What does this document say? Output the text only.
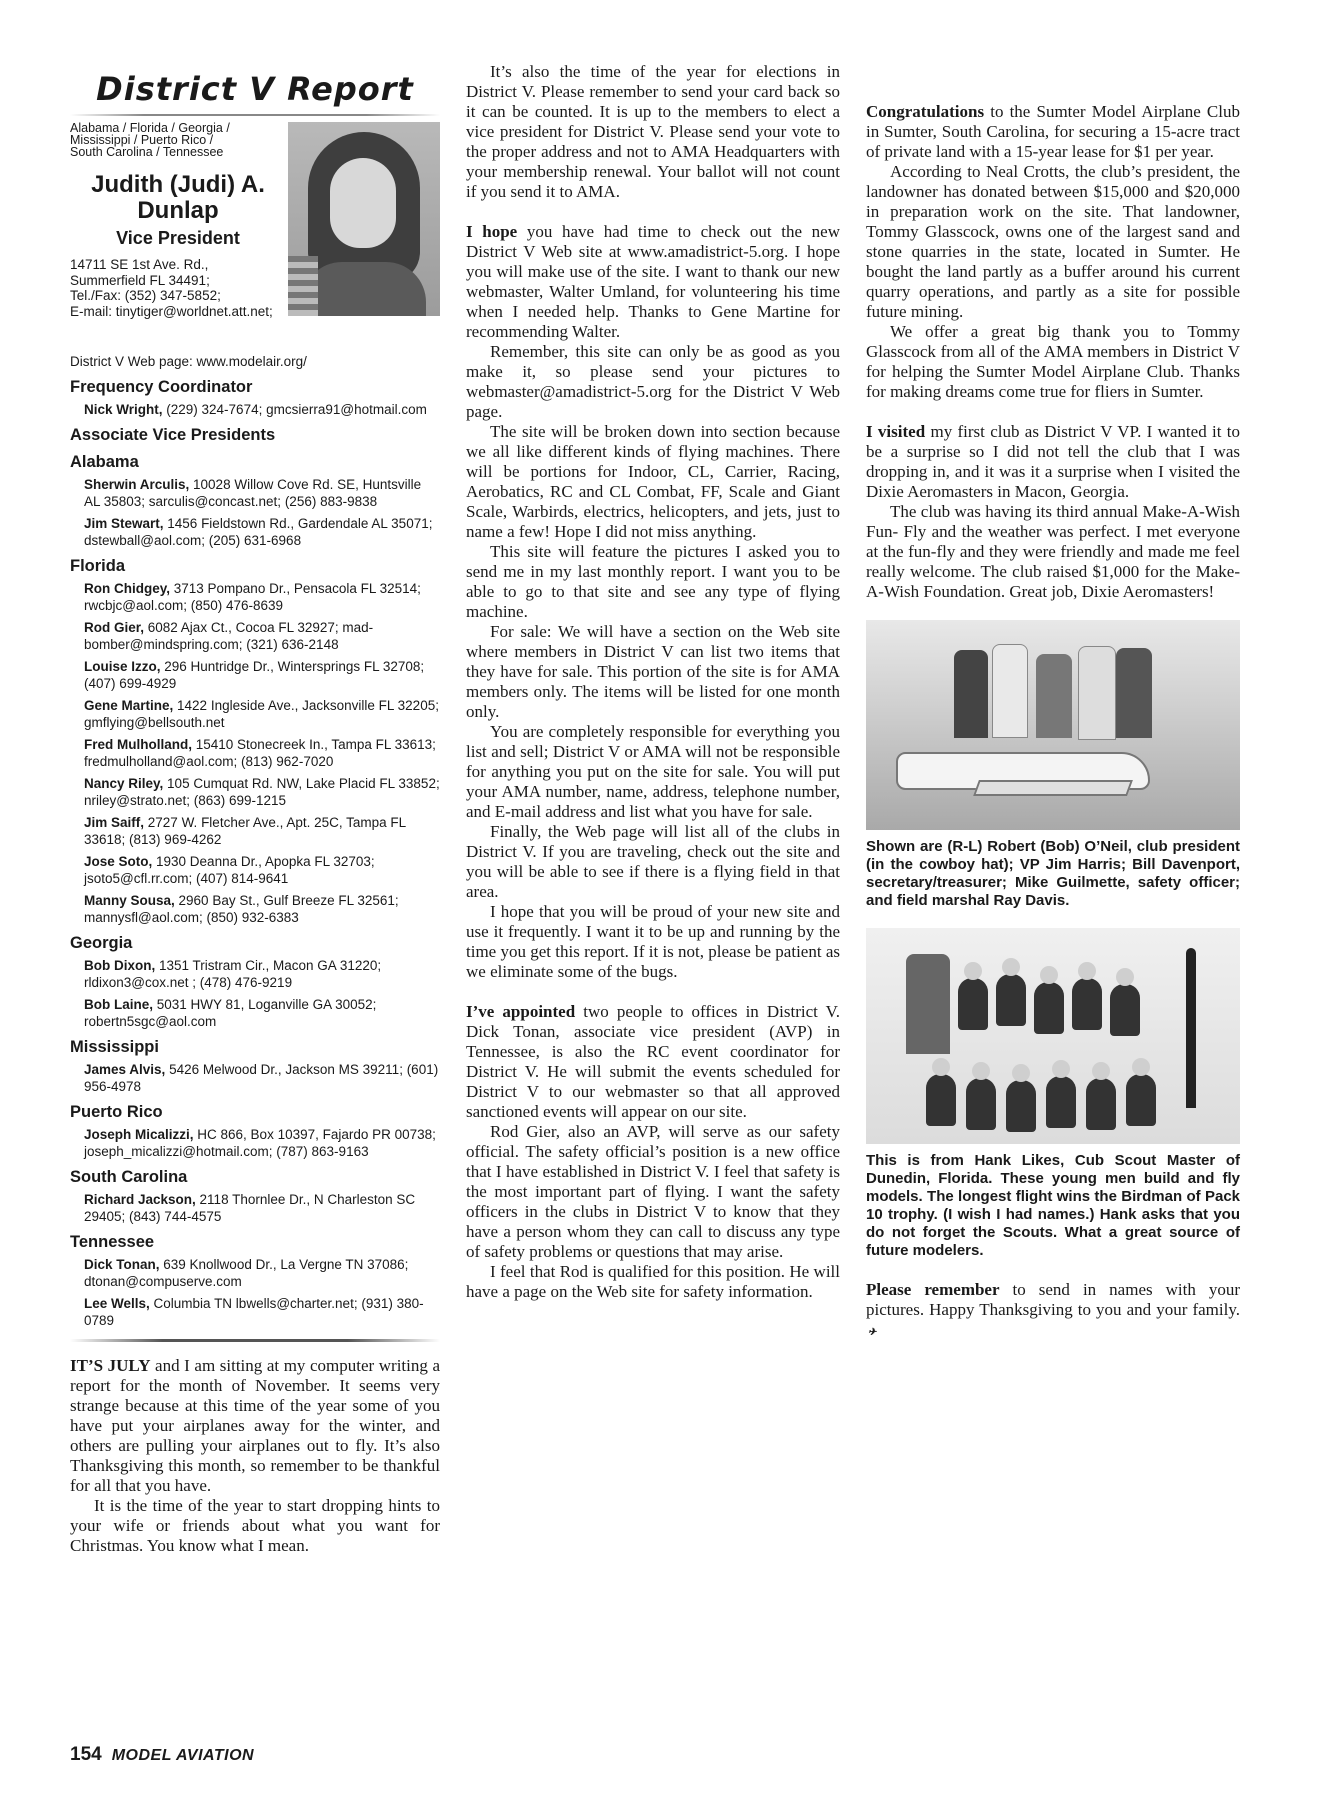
District V Report
Alabama / Florida / Georgia /
Mississippi / Puerto Rico /
South Carolina / Tennessee
Judith (Judi) A.
Dunlap
Vice President
14711 SE 1st Ave. Rd.,
Summerfield FL 34491;
Tel./Fax: (352) 347-5852;
E-mail: tinytiger@worldnet.att.net;
District V Web page: www.modelair.org/
Frequency Coordinator
Nick Wright, (229) 324-7674; gmcsierra91@hotmail.com
Associate Vice Presidents
Alabama
Sherwin Arculis, 10028 Willow Cove Rd. SE, Huntsville AL 35803; sarculis@concast.net; (256) 883-9838
Jim Stewart, 1456 Fieldstown Rd., Gardendale AL 35071; dstewball@aol.com; (205) 631-6968
Florida
Ron Chidgey, 3713 Pompano Dr., Pensacola FL 32514; rwcbjc@aol.com; (850) 476-8639
Rod Gier, 6082 Ajax Ct., Cocoa FL 32927; mad-bomber@mindspring.com; (321) 636-2148
Louise Izzo, 296 Huntridge Dr., Wintersprings FL 32708; (407) 699-4929
Gene Martine, 1422 Ingleside Ave., Jacksonville FL 32205; gmflying@bellsouth.net
Fred Mulholland, 15410 Stonecreek In., Tampa FL 33613; fredmulholland@aol.com; (813) 962-7020
Nancy Riley, 105 Cumquat Rd. NW, Lake Placid FL 33852; nriley@strato.net; (863) 699-1215
Jim Saiff, 2727 W. Fletcher Ave., Apt. 25C, Tampa FL 33618; (813) 969-4262
Jose Soto, 1930 Deanna Dr., Apopka FL 32703; jsoto5@cfl.rr.com; (407) 814-9641
Manny Sousa, 2960 Bay St., Gulf Breeze FL 32561; mannysfl@aol.com; (850) 932-6383
Georgia
Bob Dixon, 1351 Tristram Cir., Macon GA 31220; rldixon3@cox.net ; (478) 476-9219
Bob Laine, 5031 HWY 81, Loganville GA 30052; robertn5sgc@aol.com
Mississippi
James Alvis, 5426 Melwood Dr., Jackson MS 39211; (601) 956-4978
Puerto Rico
Joseph Micalizzi, HC 866, Box 10397, Fajardo PR 00738; joseph_micalizzi@hotmail.com; (787) 863-9163
South Carolina
Richard Jackson, 2118 Thornlee Dr., N Charleston SC 29405; (843) 744-4575
Tennessee
Dick Tonan, 639 Knollwood Dr., La Vergne TN 37086; dtonan@compuserve.com
Lee Wells, Columbia TN lbwells@charter.net; (931) 380-0789

IT’S JULY and I am sitting at my computer writing a report for the month of November. It seems very strange because at this time of the year some of you have put your airplanes away for the winter, and others are pulling your airplanes out to fly. It’s also Thanksgiving this month, so remember to be thankful for all that you have.

It is the time of the year to start dropping hints to your wife or friends about what you want for Christmas. You know what I mean.

It’s also the time of the year for elections in District V. Please remember to send your card back so it can be counted. It is up to the members to elect a vice president for District V. Please send your vote to the proper address and not to AMA Headquarters with your membership renewal. Your ballot will not count if you send it to AMA.

I hope you have had time to check out the new District V Web site at www.amadistrict-5.org. I hope you will make use of the site. I want to thank our new webmaster, Walter Umland, for volunteering his time when I needed help. Thanks to Gene Martine for recommending Walter.

Remember, this site can only be as good as you make it, so please send your pictures to webmaster@amadistrict-5.org for the District V Web page.

The site will be broken down into section because we all like different kinds of flying machines. There will be portions for Indoor, CL, Carrier, Racing, Aerobatics, RC and CL Combat, FF, Scale and Giant Scale, Warbirds, electrics, helicopters, and jets, just to name a few! Hope I did not miss anything.

This site will feature the pictures I asked you to send me in my last monthly report. I want you to be able to go to that site and see any type of flying machine.

For sale: We will have a section on the Web site where members in District V can list two items that they have for sale. This portion of the site is for AMA members only. The items will be listed for one month only.

You are completely responsible for everything you list and sell; District V or AMA will not be responsible for anything you put on the site for sale. You will put your AMA number, name, address, telephone number, and E-mail address and list what you have for sale.

Finally, the Web page will list all of the clubs in District V. If you are traveling, check out the site and you will be able to see if there is a flying field in that area.

I hope that you will be proud of your new site and use it frequently. I want it to be up and running by the time you get this report. If it is not, please be patient as we eliminate some of the bugs.

I’ve appointed two people to offices in District V. Dick Tonan, associate vice president (AVP) in Tennessee, is also the RC event coordinator for District V. He will submit the events scheduled for District V to our webmaster so that all approved sanctioned events will appear on our site.

Rod Gier, also an AVP, will serve as our safety official. The safety official’s position is a new office that I have established in District V. I feel that safety is the most important part of flying. I want the safety officers in the clubs in District V to know that they have a person whom they can call to discuss any type of safety problems or questions that may arise.

I feel that Rod is qualified for this position. He will have a page on the Web site for safety information.

Congratulations to the Sumter Model Airplane Club in Sumter, South Carolina, for securing a 15-acre tract of private land with a 15-year lease for $1 per year.

According to Neal Crotts, the club’s president, the landowner has donated between $15,000 and $20,000 in preparation work on the site. That landowner, Tommy Glasscock, owns one of the largest sand and stone quarries in the state, located in Sumter. He bought the land partly as a buffer around his current quarry operations, and partly as a site for possible future mining.

We offer a great big thank you to Tommy Glasscock from all of the AMA members in District V for helping the Sumter Model Airplane Club. Thanks for making dreams come true for fliers in Sumter.

I visited my first club as District V VP. I wanted it to be a surprise so I did not tell the club that I was dropping in, and it was it a surprise when I visited the Dixie Aeromasters in Macon, Georgia.

The club was having its third annual Make-A-Wish Fun- Fly and the weather was perfect. I met everyone at the fun-fly and they were friendly and made me feel really welcome. The club raised $1,000 for the Make-A-Wish Foundation. Great job, Dixie Aeromasters!

Shown are (R-L) Robert (Bob) O’Neil, club president (in the cowboy hat); VP Jim Harris; Bill Davenport, secretary/treasurer; Mike Guilmette, safety officer; and field marshal Ray Davis.
This is from Hank Likes, Cub Scout Master of Dunedin, Florida. These young men build and fly models. The longest flight wins the Birdman of Pack 10 trophy. (I wish I had names.) Hank asks that you do not forget the Scouts. What a great source of future modelers.

Please remember to send in names with your pictures. Happy Thanksgiving to you and your family.✈

154 MODEL AVIATION
